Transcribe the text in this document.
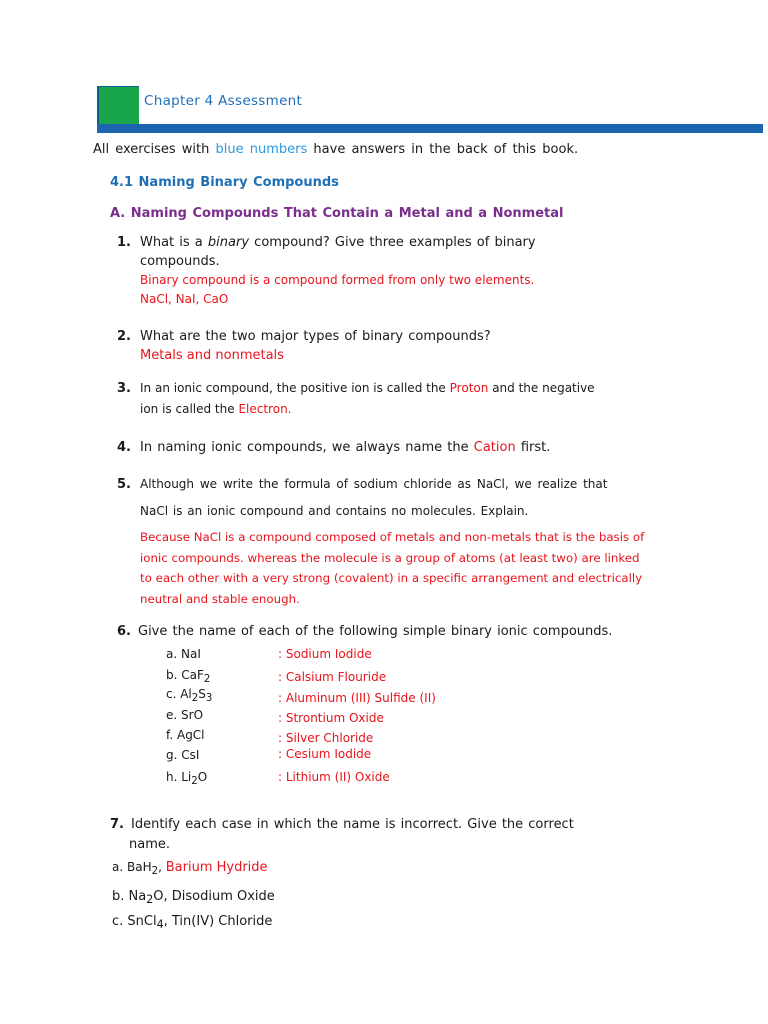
Chapter 4 Assessment
All exercises with blue numbers have answers in the back of this book.
4.1 Naming Binary Compounds
A. Naming Compounds That Contain a Metal and a Nonmetal
1. What is a binary compound? Give three examples of binary
compounds.
Binary compound is a compound formed from only two elements.
NaCl, NaI, CaO
2. What are the two major types of binary compounds?
Metals and nonmetals
3. In an ionic compound, the positive ion is called the Proton and the negative
ion is called the Electron.
4. In naming ionic compounds, we always name the Cation first.
5. Although we write the formula of sodium chloride as NaCl, we realize that
NaCl is an ionic compound and contains no molecules. Explain.
Because NaCl is a compound composed of metals and non-metals that is the basis of
ionic compounds. whereas the molecule is a group of atoms (at least two) are linked
to each other with a very strong (covalent) in a specific arrangement and electrically
neutral and stable enough.
6. Give the name of each of the following simple binary ionic compounds.
a. NaI	: Sodium Iodide
b. CaF$_2$	: Calsium Flouride
c. $Al_2S_3$	: Aluminum (III) Sulfide (II)
e. SrO	: Strontium Oxide
f. AgCl	: Silver Chloride
g. CsI	: Cesium Iodide
h. $Li_2O$	: Lithium (II) Oxide
7. Identify each case in which the name is incorrect. Give the correct
name.
a. BaH$_2$, Barium Hydride
b. $Na_2O$, Disodium Oxide
c. SnCl$_4$, Tin(IV) Chloride
